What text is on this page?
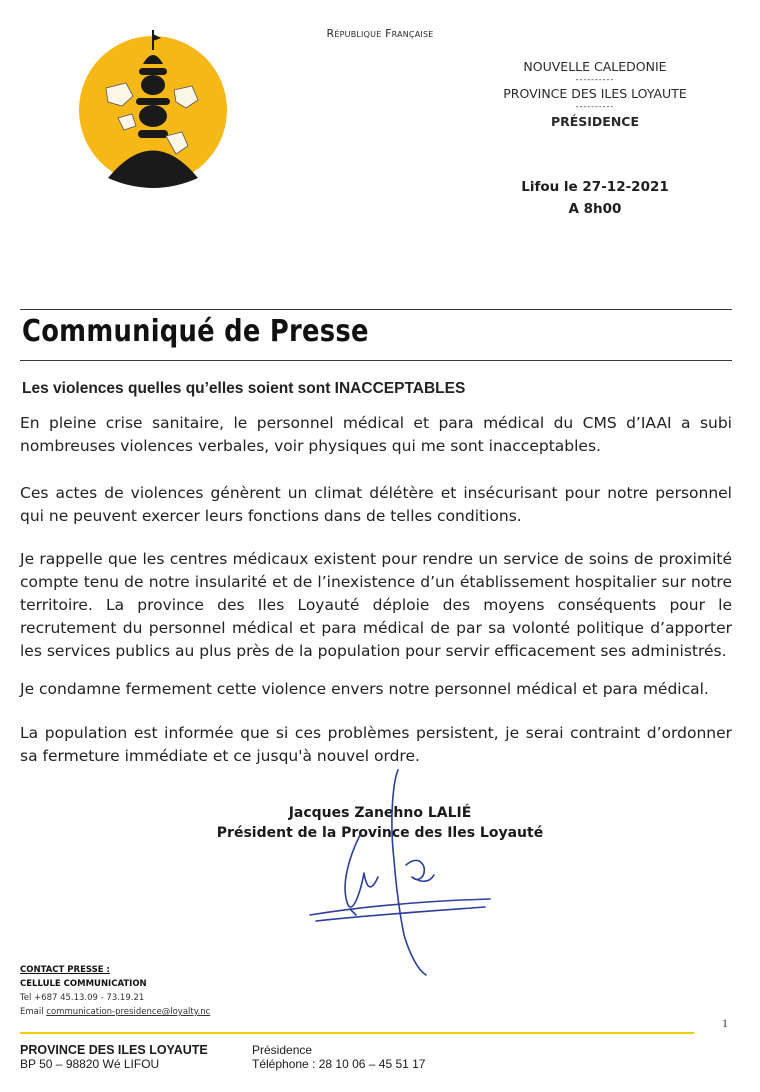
République Française
NOUVELLE CALEDONIE
----------
PROVINCE DES ILES LOYAUTE
----------
PRÉSIDENCE
Lifou le 27-12-2021
A 8h00
Communiqué de Presse
Les violences quelles qu’elles soient sont INACCEPTABLES
En pleine crise sanitaire, le personnel médical et para médical du CMS d’IAAI a subi nombreuses violences verbales, voir physiques qui me sont inacceptables.
Ces actes de violences génèrent un climat délétère et insécurisant pour notre personnel qui ne peuvent exercer leurs fonctions dans de telles conditions.
Je rappelle que les centres médicaux existent pour rendre un service de soins de proximité compte tenu de notre insularité et de l’inexistence d’un établissement hospitalier sur notre territoire. La province des Iles Loyauté déploie des moyens conséquents pour le recrutement du personnel médical et para médical de par sa volonté politique d’apporter les services publics au plus près de la population pour servir efficacement ses administrés.
Je condamne fermement cette violence envers notre personnel médical et para médical.
La population est informée que si ces problèmes persistent, je serai contraint d’ordonner sa fermeture immédiate et ce jusqu'à nouvel ordre.
Jacques Zanehno LALIÉ
Président de la Province des Iles Loyauté
CONTACT PRESSE :
CELLULE COMMUNICATION
Tel +687 45.13.09 - 73.19.21
Email communication-presidence@loyalty.nc
1
PROVINCE DES ILES LOYAUTE
BP 50 – 98820 Wé LIFOU
Présidence
Téléphone : 28 10 06 – 45 51 17
